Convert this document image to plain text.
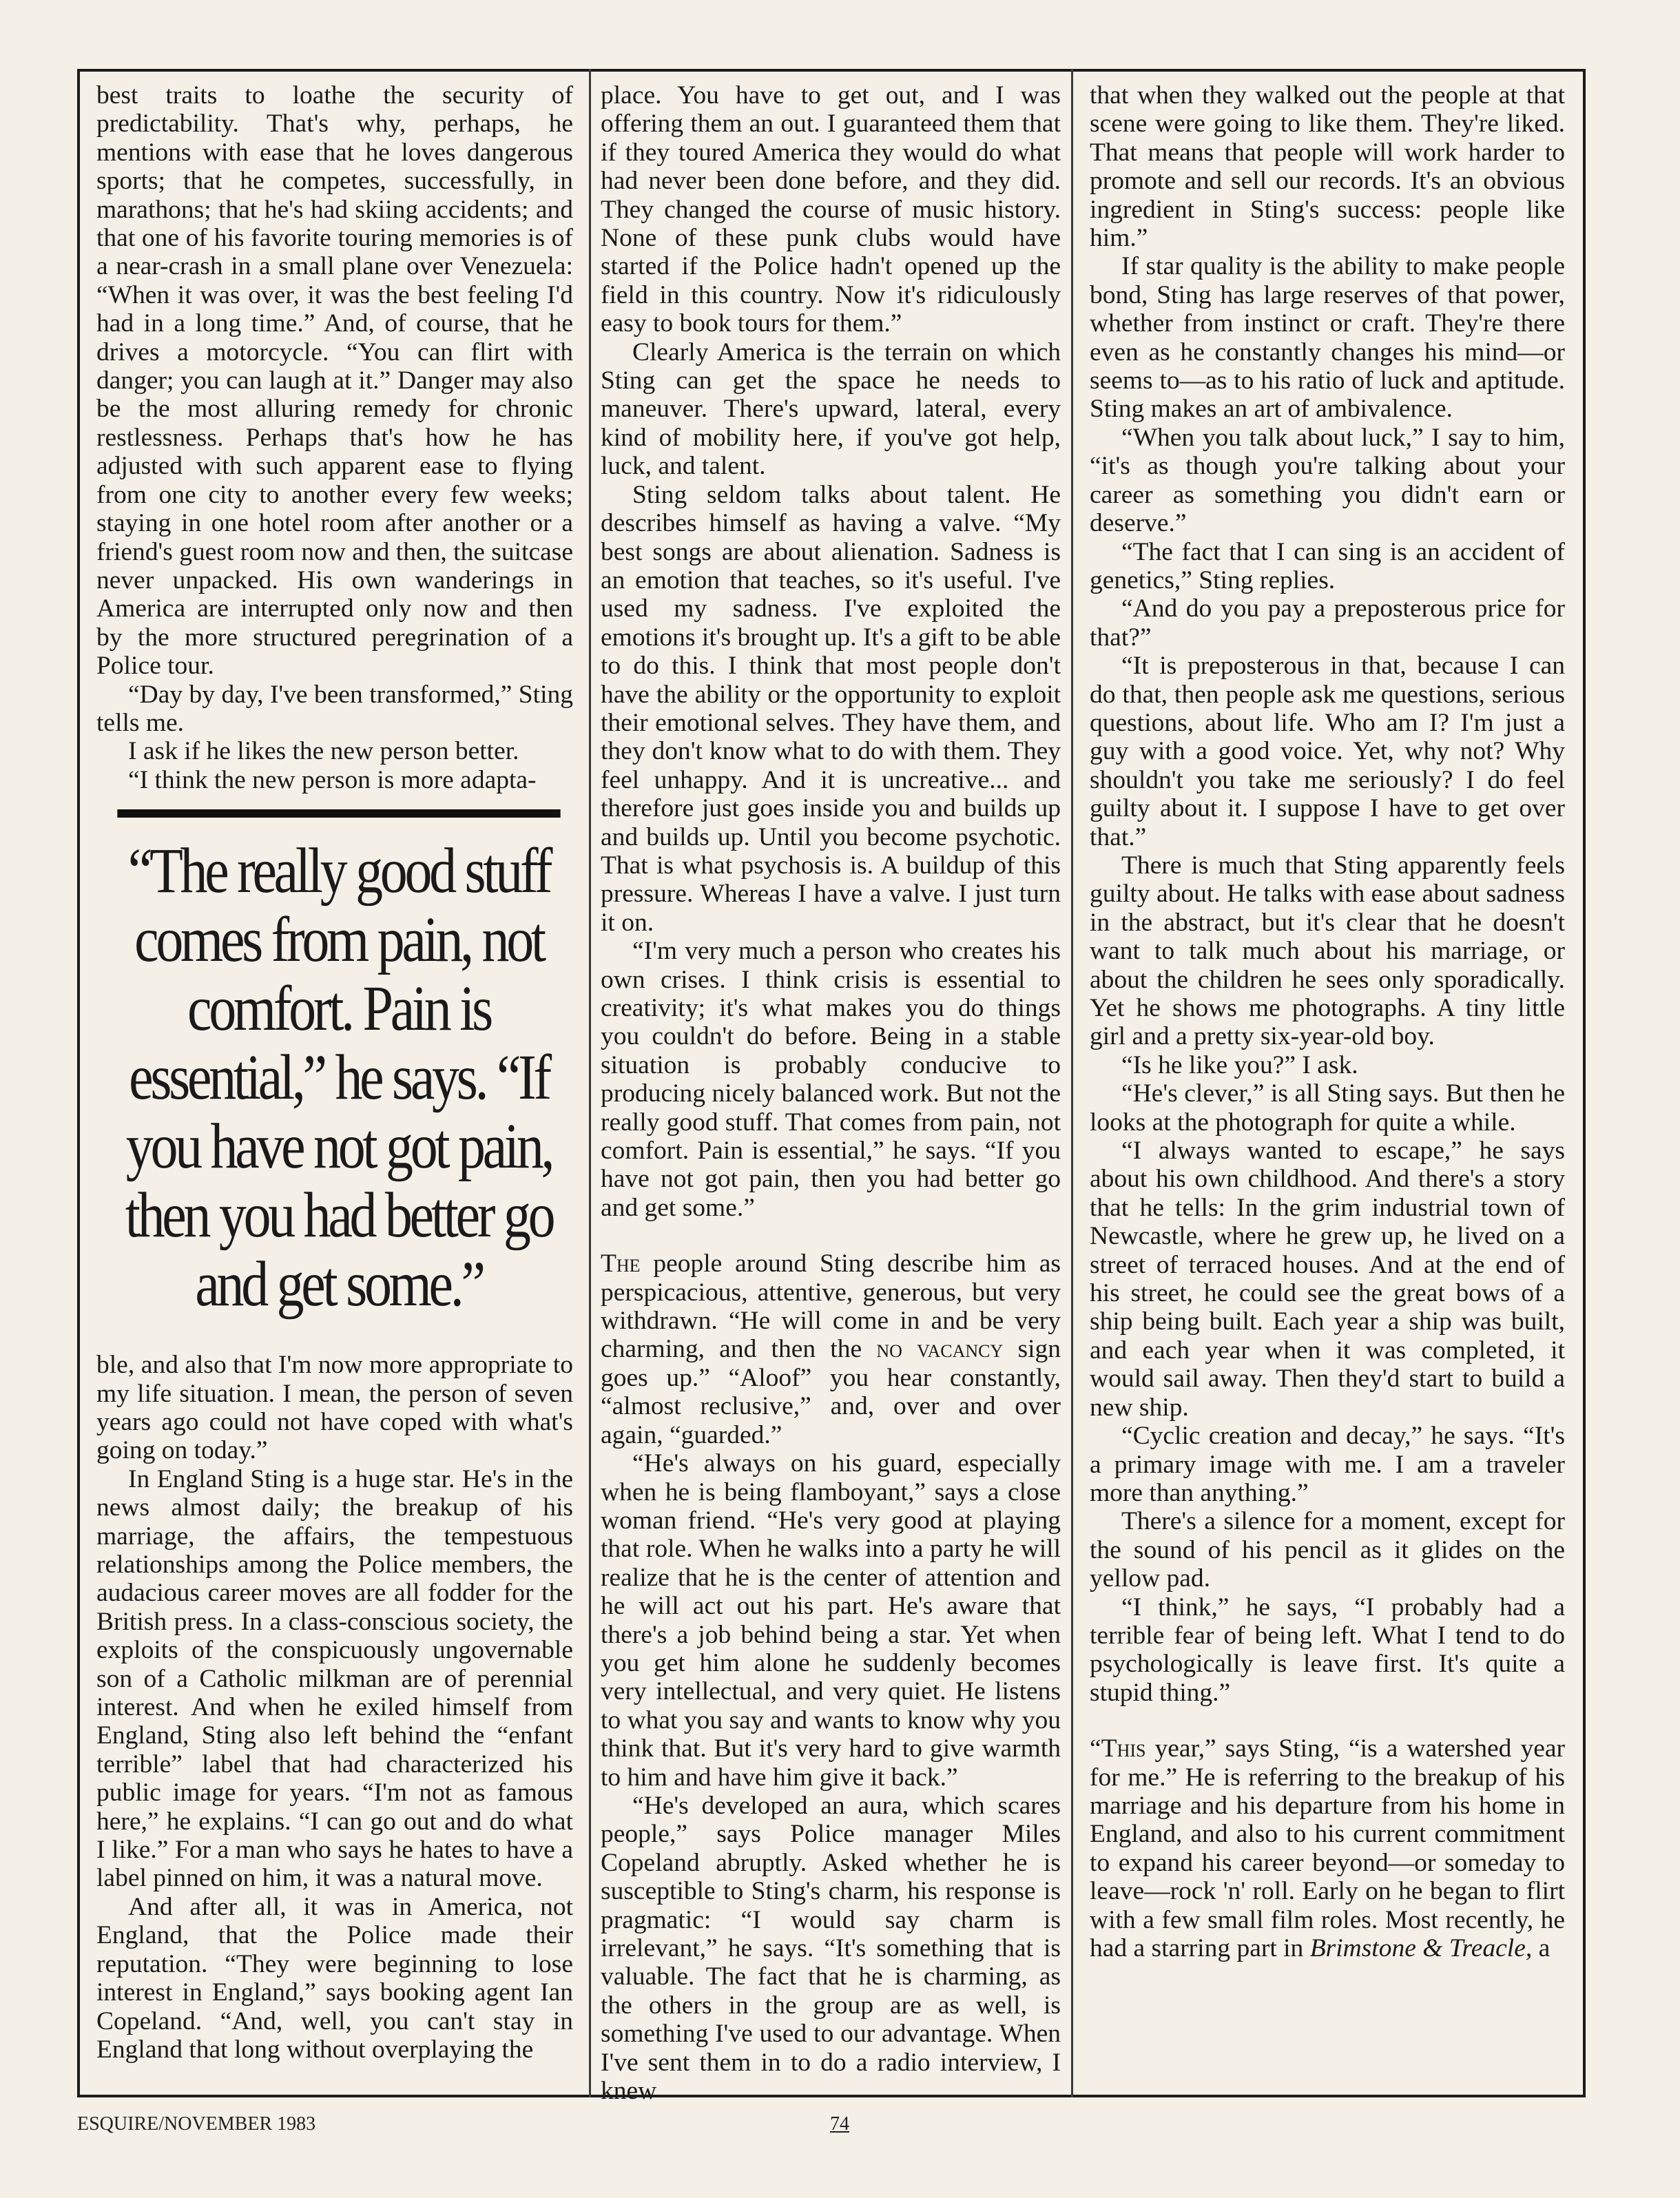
best traits to loathe the security of predictability. That's why, perhaps, he mentions with ease that he loves dangerous sports; that he competes, successfully, in marathons; that he's had skiing accidents; and that one of his favorite touring memories is of a near-crash in a small plane over Venezuela: “When it was over, it was the best feeling I'd had in a long time.” And, of course, that he drives a motorcycle. “You can flirt with danger; you can laugh at it.” Danger may also be the most alluring remedy for chronic restlessness. Perhaps that's how he has adjusted with such apparent ease to flying from one city to another every few weeks; staying in one hotel room after another or a friend's guest room now and then, the suitcase never unpacked. His own wanderings in America are interrupted only now and then by the more structured peregrination of a Police tour.

“Day by day, I've been transformed,” Sting tells me.

I ask if he likes the new person better.

“I think the new person is more adapta-

“The really good stuff comes from pain, not comfort. Pain is essential,” he says. “If you have not got pain, then you had better go and get some.”

ble, and also that I'm now more appropriate to my life situation. I mean, the person of seven years ago could not have coped with what's going on today.”

In England Sting is a huge star. He's in the news almost daily; the breakup of his marriage, the affairs, the tempestuous relationships among the Police members, the audacious career moves are all fodder for the British press. In a class-conscious society, the exploits of the conspicuously ungovernable son of a Catholic milkman are of perennial interest. And when he exiled himself from England, Sting also left behind the “enfant terrible” label that had characterized his public image for years. “I'm not as famous here,” he explains. “I can go out and do what I like.” For a man who says he hates to have a label pinned on him, it was a natural move.

And after all, it was in America, not England, that the Police made their reputation. “They were beginning to lose interest in England,” says booking agent Ian Copeland. “And, well, you can't stay in England that long without overplaying the

place. You have to get out, and I was offering them an out. I guaranteed them that if they toured America they would do what had never been done before, and they did. They changed the course of music history. None of these punk clubs would have started if the Police hadn't opened up the field in this country. Now it's ridiculously easy to book tours for them.”

Clearly America is the terrain on which Sting can get the space he needs to maneuver. There's upward, lateral, every kind of mobility here, if you've got help, luck, and talent.

Sting seldom talks about talent. He describes himself as having a valve. “My best songs are about alienation. Sadness is an emotion that teaches, so it's useful. I've used my sadness. I've exploited the emotions it's brought up. It's a gift to be able to do this. I think that most people don't have the ability or the opportunity to exploit their emotional selves. They have them, and they don't know what to do with them. They feel unhappy. And it is uncreative... and therefore just goes inside you and builds up and builds up. Until you become psychotic. That is what psychosis is. A buildup of this pressure. Whereas I have a valve. I just turn it on.

“I'm very much a person who creates his own crises. I think crisis is essential to creativity; it's what makes you do things you couldn't do before. Being in a stable situation is probably conducive to producing nicely balanced work. But not the really good stuff. That comes from pain, not comfort. Pain is essential,” he says. “If you have not got pain, then you had better go and get some.”

The people around Sting describe him as perspicacious, attentive, generous, but very withdrawn. “He will come in and be very charming, and then the no vacancy sign goes up.” “Aloof” you hear constantly, “almost reclusive,” and, over and over again, “guarded.”

“He's always on his guard, especially when he is being flamboyant,” says a close woman friend. “He's very good at playing that role. When he walks into a party he will realize that he is the center of attention and he will act out his part. He's aware that there's a job behind being a star. Yet when you get him alone he suddenly becomes very intellectual, and very quiet. He listens to what you say and wants to know why you think that. But it's very hard to give warmth to him and have him give it back.”

“He's developed an aura, which scares people,” says Police manager Miles Copeland abruptly. Asked whether he is susceptible to Sting's charm, his response is pragmatic: “I would say charm is irrelevant,” he says. “It's something that is valuable. The fact that he is charming, as the others in the group are as well, is something I've used to our advantage. When I've sent them in to do a radio interview, I knew

that when they walked out the people at that scene were going to like them. They're liked. That means that people will work harder to promote and sell our records. It's an obvious ingredient in Sting's success: people like him.”

If star quality is the ability to make people bond, Sting has large reserves of that power, whether from instinct or craft. They're there even as he constantly changes his mind—or seems to—as to his ratio of luck and aptitude. Sting makes an art of ambivalence.

“When you talk about luck,” I say to him, “it's as though you're talking about your career as something you didn't earn or deserve.”

“The fact that I can sing is an accident of genetics,” Sting replies.

“And do you pay a preposterous price for that?”

“It is preposterous in that, because I can do that, then people ask me questions, serious questions, about life. Who am I? I'm just a guy with a good voice. Yet, why not? Why shouldn't you take me seriously? I do feel guilty about it. I suppose I have to get over that.”

There is much that Sting apparently feels guilty about. He talks with ease about sadness in the abstract, but it's clear that he doesn't want to talk much about his marriage, or about the children he sees only sporadically. Yet he shows me photographs. A tiny little girl and a pretty six-year-old boy.

“Is he like you?” I ask.

“He's clever,” is all Sting says. But then he looks at the photograph for quite a while.

“I always wanted to escape,” he says about his own childhood. And there's a story that he tells: In the grim industrial town of Newcastle, where he grew up, he lived on a street of terraced houses. And at the end of his street, he could see the great bows of a ship being built. Each year a ship was built, and each year when it was completed, it would sail away. Then they'd start to build a new ship.

“Cyclic creation and decay,” he says. “It's a primary image with me. I am a traveler more than anything.”

There's a silence for a moment, except for the sound of his pencil as it glides on the yellow pad.

“I think,” he says, “I probably had a terrible fear of being left. What I tend to do psychologically is leave first. It's quite a stupid thing.”

“This year,” says Sting, “is a watershed year for me.” He is referring to the breakup of his marriage and his departure from his home in England, and also to his current commitment to expand his career beyond—or someday to leave—rock 'n' roll. Early on he began to flirt with a few small film roles. Most recently, he had a starring part in Brimstone & Treacle, a

ESQUIRE/NOVEMBER 1983	74
